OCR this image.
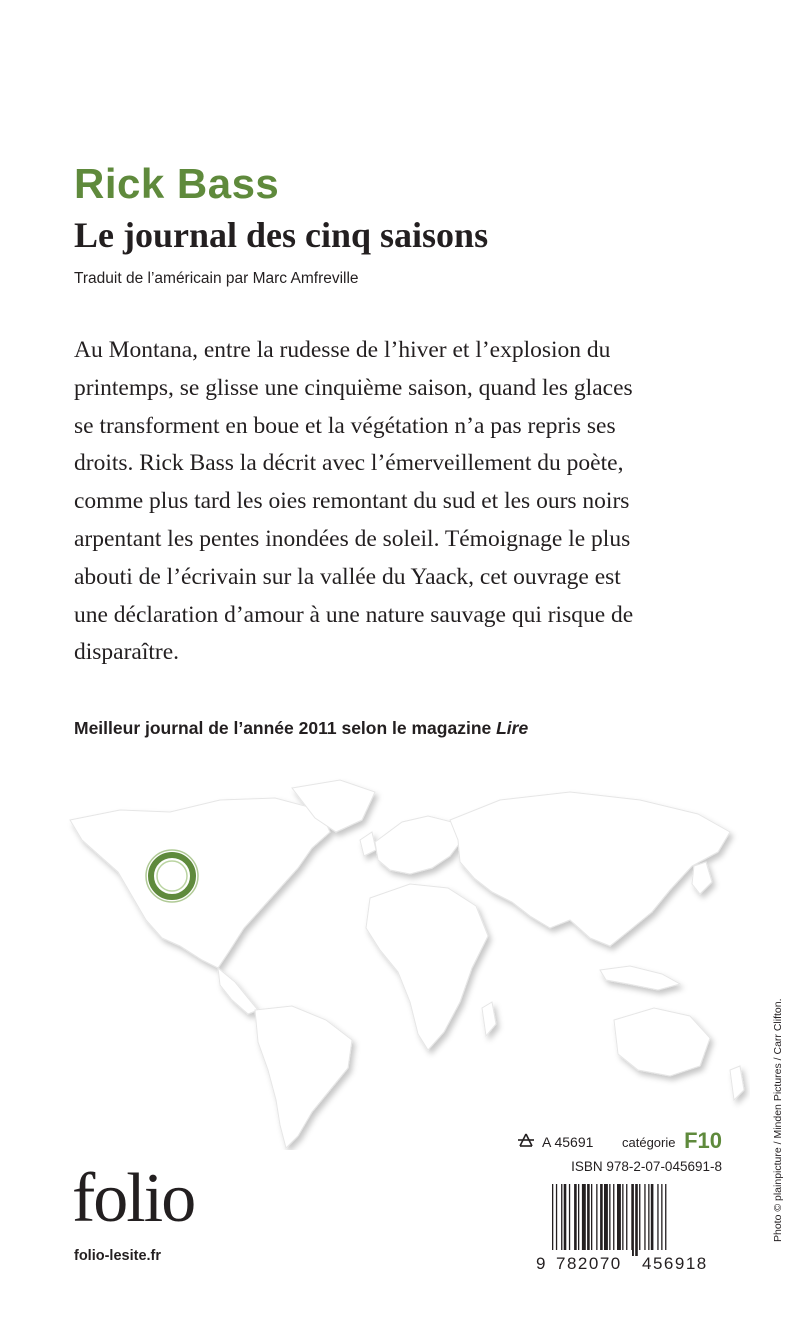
Rick Bass
Le journal des cinq saisons
Traduit de l’américain par Marc Amfreville

Au Montana, entre la rudesse de l’hiver et l’explosion du
printemps, se glisse une cinquième saison, quand les glaces
se transforment en boue et la végétation n’a pas repris ses
droits. Rick Bass la décrit avec l’émerveillement du poète,
comme plus tard les oies remontant du sud et les ours noirs
arpentant les pentes inondées de soleil. Témoignage le plus
abouti de l’écrivain sur la vallée du Yaack, cet ouvrage est
une déclaration d’amour à une nature sauvage qui risque de
disparaître.

Meilleur journal de l’année 2011 selon le magazine Lire
Photo © plainpicture / Minden Pictures / Carr Clifton.
A 45691 catégorie F10
ISBN 978-2-07-045691-8
9 782070 456918
folio
folio-lesite.fr
